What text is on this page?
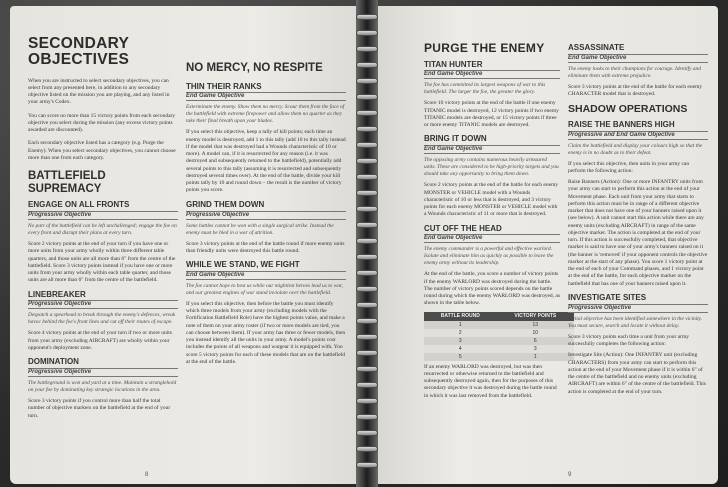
SECONDARY OBJECTIVES
When you are instructed to select secondary objectives, you can select from any presented here, in addition to any secondary objective listed on the mission you are playing, and any listed in your army's Codex.
You can score no more than 15 victory points from each secondary objective you select during the mission (any excess victory points awarded are discounted).
Each secondary objective listed has a category (e.g. Purge the Enemy). When you select secondary objectives, you cannot choose more than one from each category.
BATTLEFIELD SUPREMACY
ENGAGE ON ALL FRONTS
Progressive Objective
No part of the battlefield can be left unchallenged; engage the foe on every front and disrupt their plans at every turn.
Score 2 victory points at the end of your turn if you have one or more units from your army wholly within three different table quarters, and those units are all more than 6" from the centre of the battlefield. Score 3 victory points instead if you have one or more units from your army wholly within each table quarter, and those units are all more than 6" from the centre of the battlefield.
LINEBREAKER
Progressive Objective
Despatch a spearhead to break through the enemy's defences, wreak havoc behind the foe's front lines and cut off their routes of escape.
Score 4 victory points at the end of your turn if two or more units from your army (excluding AIRCRAFT) are wholly within your opponent's deployment zone.
DOMINATION
Progressive Objective
The battleground is won and yard at a time. Maintain a stranglehold on your foe by dominating key strategic locations in the area.
Score 3 victory points if you control more than half the total number of objective markers on the battlefield at the end of your turn.
NO MERCY, NO RESPITE
THIN THEIR RANKS
End Game Objective
Exterminate the enemy. Show them no mercy. Scour them from the face of the battlefield with extreme firepower and allow them no quarter as they take their final breath upon your blades.
If you select this objective, keep a tally of kill points; each time an enemy model is destroyed, add 1 to this tally (add 10 to this tally instead if the model that was destroyed had a Wounds characteristic of 10 or more). A model can, if it is resurrected for any reason (i.e. it was destroyed and subsequently returned to the battlefield), potentially add several points to this tally (assuming it is resurrected and subsequently destroyed several times over). At the end of the battle, divide your kill points tally by 10 and round down – the result is the number of victory points you score.
GRIND THEM DOWN
Progressive Objective
Some battles cannot be won with a single surgical strike. Instead the enemy must be bled in a war of attrition.
Score 3 victory points at the end of the battle round if more enemy units than friendly units were destroyed this battle round.
WHILE WE STAND, WE FIGHT
End Game Objective
The foe cannot hope to best us while our mightiest heroes lead us to war, and our greatest engines of war stand inviolate over the battlefield.
If you select this objective, then before the battle you must identify which three models from your army (excluding models with the Fortification Battlefield Role) have the highest points value, and make a note of them on your army roster (if two or more models are tied, you can choose between them). If your army has three or fewer models, then you instead identify all the units in your army. A model's points cost includes the points of all weapons and wargear it is equipped with. You score 5 victory points for each of these models that are on the battlefield at the end of the battle.
8
PURGE THE ENEMY
TITAN HUNTER
End Game Objective
The foe has committed its largest weapons of war to this battlefield. The larger the foe, the greater the glory.
Score 10 victory points at the end of the battle if one enemy TITANIC model is destroyed, 12 victory points if two enemy TITANIC models are destroyed, or 15 victory points if three or more enemy TITANIC models are destroyed.
BRING IT DOWN
End Game Objective
The opposing army contains numerous heavily armoured units. These are considered to be high-priority targets and you should take any opportunity to bring them down.
Score 2 victory points at the end of the battle for each enemy MONSTER or VEHICLE model with a Wounds characteristic of 10 or less that is destroyed, and 3 victory points for each enemy MONSTER or VEHICLE model with a Wounds characteristic of 11 or more that is destroyed.
CUT OFF THE HEAD
End Game Objective
The enemy commander is a powerful and effective warlord. Isolate and eliminate him as quickly as possible to leave the enemy army without its leadership.
At the end of the battle, you score a number of victory points if the enemy WARLORD was destroyed during the battle. The number of victory points scored depends on the battle round during which the enemy WARLORD was destroyed, as shown in the table below.
BATTLE ROUND	VICTORY POINTS
1	13
2	10
3	6
4	3
5	1
If an enemy WARLORD was destroyed, but was then resurrected or otherwise returned to the battlefield and subsequently destroyed again, then for the purposes of this secondary objective it was destroyed during the battle round in which it was last removed from the battlefield.
ASSASSINATE
End Game Objective
The enemy looks to their champions for courage. Identify and eliminate them with extreme prejudice.
Score 3 victory points at the end of the battle for each enemy CHARACTER model that is destroyed.
SHADOW OPERATIONS
RAISE THE BANNERS HIGH
Progressive and End Game Objective
Claim the battlefield and display your colours high so that the enemy is in no doubt as to their defeat.
If you select this objective, then units in your army can perform the following action:
Raise Banners (Action): One or more INFANTRY units from your army can start to perform this action at the end of your Movement phase. Each unit from your army that starts to perform this action must be in range of a different objective marker that does not have one of your banners raised upon it (see below). A unit cannot start this action while there are any enemy units (excluding AIRCRAFT) in range of the same objective marker. The action is completed at the end of your turn. If this action is successfully completed, that objective marker is said to have one of your army's banners raised on it (the banner is 'removed' if your opponent controls the objective marker at the start of any phase). You score 1 victory point at the end of each of your Command phases, and 1 victory point at the end of the battle, for each objective marker on the battlefield that has one of your banners raised upon it.
INVESTIGATE SITES
Progressive Objective
A vital objective has been identified somewhere in the vicinity. You must secure, search and locate it without delay.
Score 3 victory points each time a unit from your army successfully completes the following action:
Investigate Site (Action): One INFANTRY unit (excluding CHARACTERS) from your army can start to perform this action at the end of your Movement phase if it is within 6" of the centre of the battlefield and no enemy units (excluding AIRCRAFT) are within 6" of the centre of the battlefield. This action is completed at the end of your turn.
9
